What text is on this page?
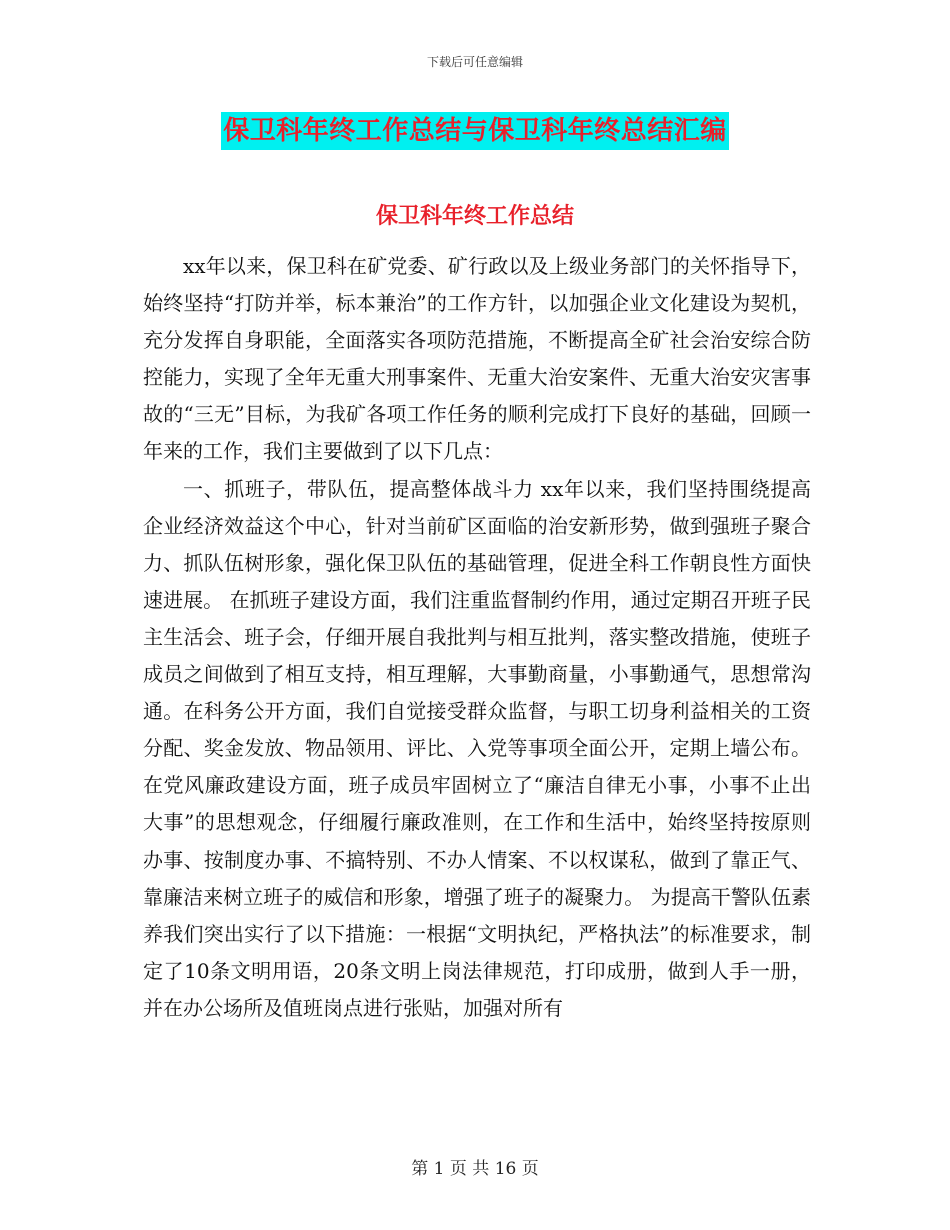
下载后可任意编辑
保卫科年终工作总结与保卫科年终总结汇编
保卫科年终工作总结

xx年以来，保卫科在矿党委、矿行政以及上级业务部门的关怀指导下，始终坚持“打防并举，标本兼治”的工作方针，以加强企业文化建设为契机，充分发挥自身职能，全面落实各项防范措施，不断提高全矿社会治安综合防控能力，实现了全年无重大刑事案件、无重大治安案件、无重大治安灾害事故的“三无”目标，为我矿各项工作任务的顺利完成打下良好的基础，回顾一年来的工作，我们主要做到了以下几点：

一、抓班子，带队伍，提高整体战斗力 xx年以来，我们坚持围绕提高企业经济效益这个中心，针对当前矿区面临的治安新形势，做到强班子聚合力、抓队伍树形象，强化保卫队伍的基础管理，促进全科工作朝良性方面快速进展。 在抓班子建设方面，我们注重监督制约作用，通过定期召开班子民主生活会、班子会，仔细开展自我批判与相互批判，落实整改措施，使班子成员之间做到了相互支持，相互理解，大事勤商量，小事勤通气，思想常沟通。在科务公开方面，我们自觉接受群众监督，与职工切身利益相关的工资分配、奖金发放、物品领用、评比、入党等事项全面公开，定期上墙公布。在党风廉政建设方面，班子成员牢固树立了“廉洁自律无小事，小事不止出大事”的思想观念，仔细履行廉政准则，在工作和生活中，始终坚持按原则办事、按制度办事、不搞特别、不办人情案、不以权谋私，做到了靠正气、靠廉洁来树立班子的威信和形象，增强了班子的凝聚力。 为提高干警队伍素养我们突出实行了以下措施：一根据“文明执纪，严格执法”的标准要求，制定了10条文明用语，20条文明上岗法律规范，打印成册，做到人手一册，并在办公场所及值班岗点进行张贴，加强对所有

第 1 页 共 16 页
